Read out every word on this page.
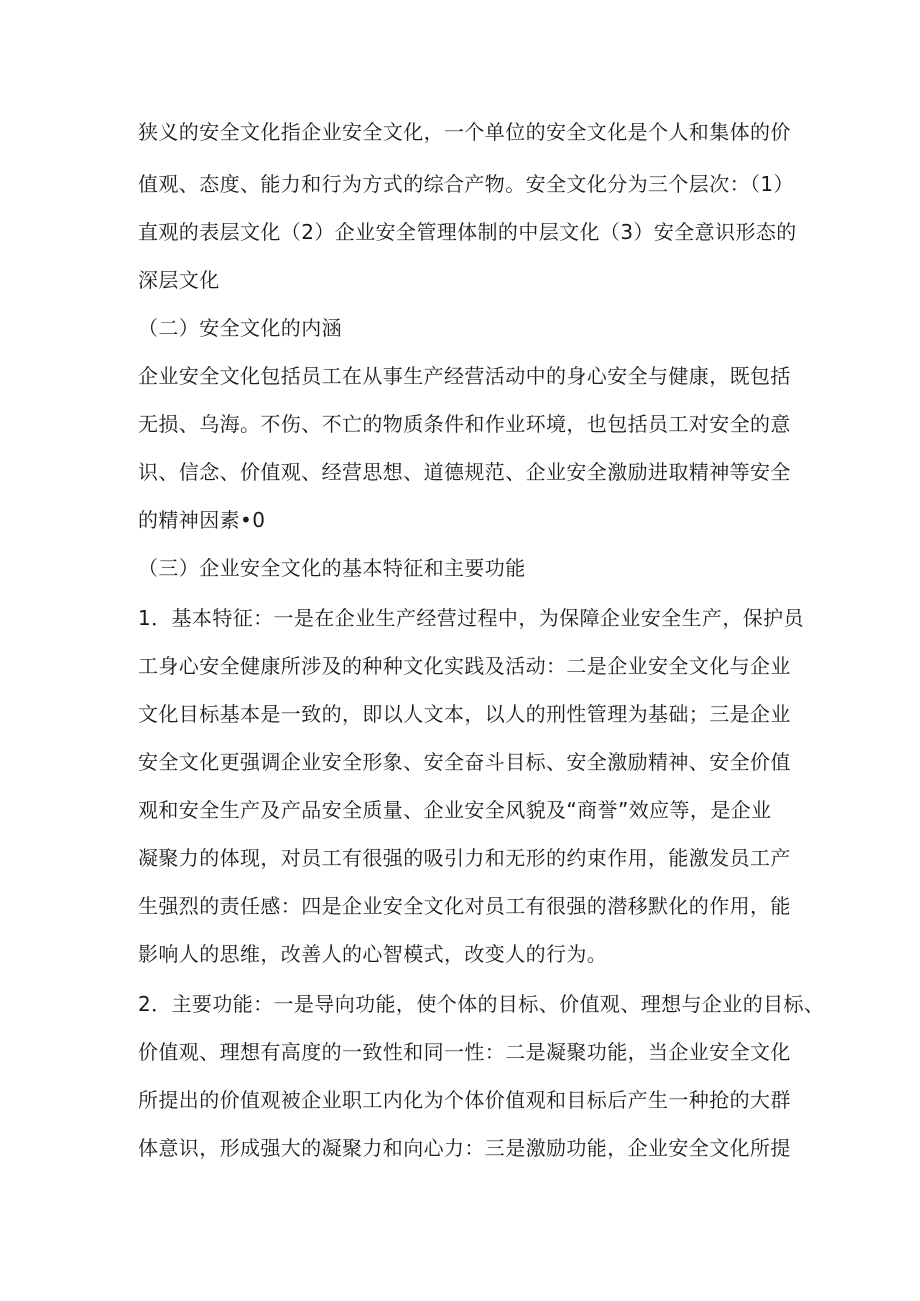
狭义的安全文化指企业安全文化，一个单位的安全文化是个人和集体的价
值观、态度、能力和行为方式的综合产物。安全文化分为三个层次：（1）
直观的表层文化（2）企业安全管理体制的中层文化（3）安全意识形态的
深层文化
（二）安全文化的内涵
企业安全文化包括员工在从事生产经营活动中的身心安全与健康，既包括
无损、乌海。不伤、不亡的物质条件和作业环境，也包括员工对安全的意
识、信念、价值观、经营思想、道德规范、企业安全激励进取精神等安全
的精神因素•0
（三）企业安全文化的基本特征和主要功能
1．基本特征：一是在企业生产经营过程中，为保障企业安全生产，保护员
工身心安全健康所涉及的种种文化实践及活动：二是企业安全文化与企业
文化目标基本是一致的，即以人文本，以人的刑性管理为基础；三是企业
安全文化更强调企业安全形象、安全奋斗目标、安全激励精神、安全价值
观和安全生产及产品安全质量、企业安全风貌及“商誉”效应等，是企业
凝聚力的体现，对员工有很强的吸引力和无形的约束作用，能激发员工产
生强烈的责任感：四是企业安全文化对员工有很强的潜移默化的作用，能
影响人的思维，改善人的心智模式，改变人的行为。
2．主要功能：一是导向功能，使个体的目标、价值观、理想与企业的目标、
价值观、理想有高度的一致性和同一性：二是凝聚功能，当企业安全文化
所提出的价值观被企业职工内化为个体价值观和目标后产生一种抢的大群
体意识，形成强大的凝聚力和向心力：三是激励功能，企业安全文化所提
